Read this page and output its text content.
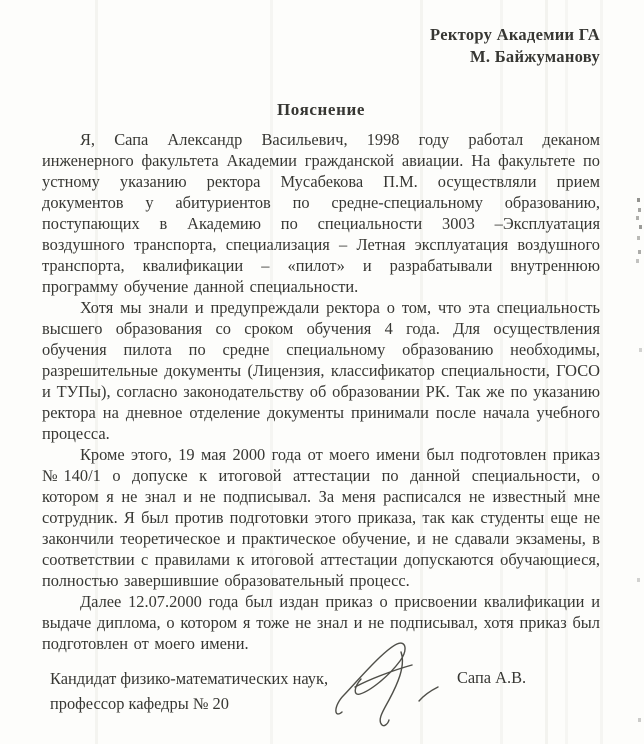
Ректору Академии ГА
М. Байжуманову
Пояснение

Я, Сапа Александр Васильевич, 1998 году работал деканом инженерного факультета Академии гражданской авиации. На факультете по устному указанию ректора Мусабекова П.М. осуществляли прием документов у абитуриентов по средне-специальному образованию, поступающих в Академию по специальности 3003 –Эксплуатация воздушного транспорта, специализация – Летная эксплуатация воздушного транспорта, квалификации – «пилот» и разрабатывали внутреннюю программу обучение данной специальности.

Хотя мы знали и предупреждали ректора о том, что эта специальность высшего образования со сроком обучения 4 года. Для осуществления обучения пилота по средне специальному образованию необходимы, разрешительные документы (Лицензия, классификатор специальности, ГОСО и ТУПы), согласно законодательству об образовании РК. Так же по указанию ректора на дневное отделение документы принимали после начала учебного процесса.

Кроме этого, 19 мая 2000 года от моего имени был подготовлен приказ №140/1 о допуске к итоговой аттестации по данной специальности, о котором я не знал и не подписывал. За меня расписался не известный мне сотрудник. Я был против подготовки этого приказа, так как студенты еще не закончили теоретическое и практическое обучение, и не сдавали экзамены, в соответствии с правилами к итоговой аттестации допускаются обучающиеся, полностью завершившие образовательный процесс.

Далее 12.07.2000 года был издан приказ о присвоении квалификации и выдаче диплома, о котором я тоже не знал и не подписывал, хотя приказ был подготовлен от моего имени.

Кандидат физико-математических наук,
профессор кафедры № 20
Сапа А.В.
